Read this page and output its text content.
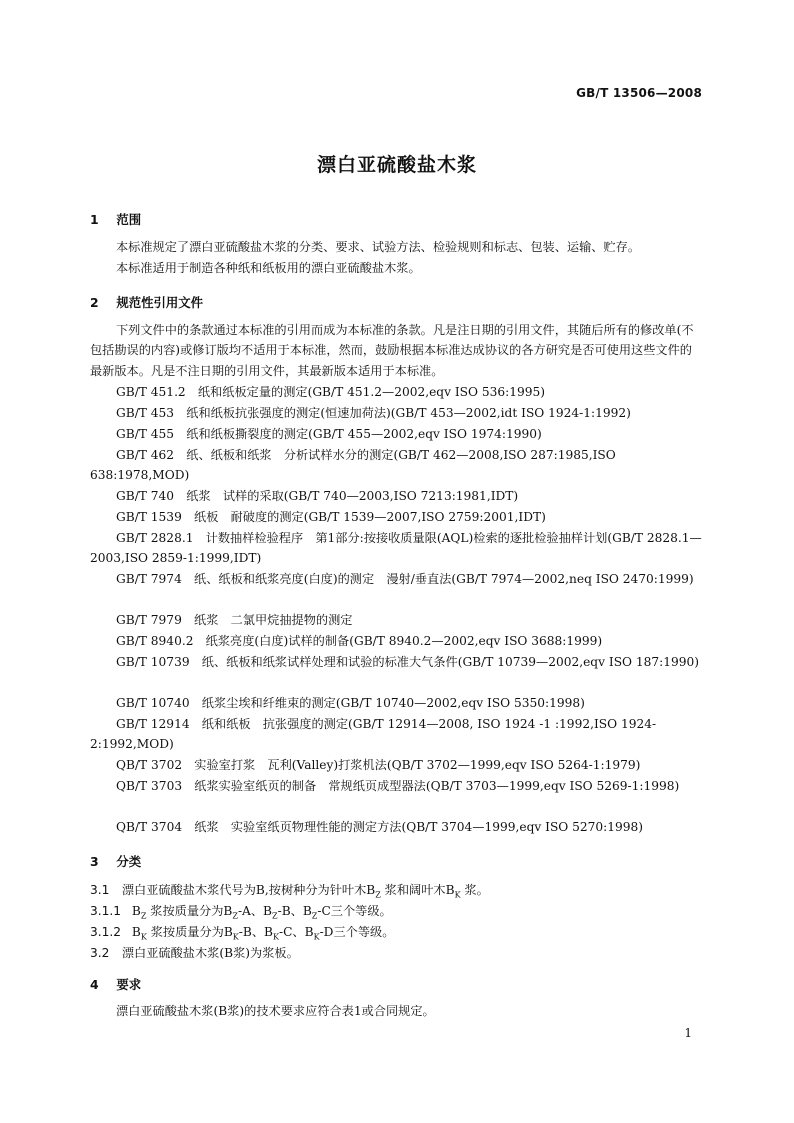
GB/T 13506—2008
漂白亚硫酸盐木浆
1 范围

本标准规定了漂白亚硫酸盐木浆的分类、要求、试验方法、检验规则和标志、包装、运输、贮存。

本标准适用于制造各种纸和纸板用的漂白亚硫酸盐木浆。

2 规范性引用文件

下列文件中的条款通过本标准的引用而成为本标准的条款。凡是注日期的引用文件，其随后所有的修改单(不包括勘误的内容)或修订版均不适用于本标准，然而，鼓励根据本标准达成协议的各方研究是否可使用这些文件的最新版本。凡是不注日期的引用文件，其最新版本适用于本标准。

GB/T 451.2　纸和纸板定量的测定(GB/T 451.2—2002,eqv ISO 536:1995)
GB/T 453　纸和纸板抗张强度的测定(恒速加荷法)(GB/T 453—2002,idt ISO 1924-1:1992)
GB/T 455　纸和纸板撕裂度的测定(GB/T 455—2002,eqv ISO 1974:1990)
GB/T 462　纸、纸板和纸浆　分析试样水分的测定(GB/T 462—2008,ISO 287:1985,ISO 638:1978,MOD)
GB/T 740　纸浆　试样的采取(GB/T 740—2003,ISO 7213:1981,IDT)
GB/T 1539　纸板　耐破度的测定(GB/T 1539—2007,ISO 2759:2001,IDT)
GB/T 2828.1　计数抽样检验程序　第1部分:按接收质量限(AQL)检索的逐批检验抽样计划(GB/T 2828.1—2003,ISO 2859-1:1999,IDT)
GB/T 7974　纸、纸板和纸浆亮度(白度)的测定　漫射/垂直法(GB/T 7974—2002,neq ISO 2470:1999)
GB/T 7979　纸浆　二氯甲烷抽提物的测定
GB/T 8940.2　纸浆亮度(白度)试样的制备(GB/T 8940.2—2002,eqv ISO 3688:1999)
GB/T 10739　纸、纸板和纸浆试样处理和试验的标准大气条件(GB/T 10739—2002,eqv ISO 187:1990)
GB/T 10740　纸浆尘埃和纤维束的测定(GB/T 10740—2002,eqv ISO 5350:1998)
GB/T 12914　纸和纸板　抗张强度的测定(GB/T 12914—2008, ISO 1924 -1 :1992,ISO 1924-2:1992,MOD)
QB/T 3702　实验室打浆　瓦利(Valley)打浆机法(QB/T 3702—1999,eqv ISO 5264-1:1979)
QB/T 3703　纸浆实验室纸页的制备　常规纸页成型器法(QB/T 3703—1999,eqv ISO 5269-1:1998)
QB/T 3704　纸浆　实验室纸页物理性能的测定方法(QB/T 3704—1999,eqv ISO 5270:1998)
3 分类
3.1 漂白亚硫酸盐木浆代号为B,按树种分为针叶木$B_Z$ 浆和阔叶木$B_K$ 浆。
3.1.1 $B_Z$ 浆按质量分为$B_Z-A$、$B_Z-B$、$B_Z-C$三个等级。
3.1.2 $B_K$ 浆按质量分为$B_K-B$、$B_K-C$、$B_K-D$三个等级。
3.2 漂白亚硫酸盐木浆(B浆)为浆板。
4 要求

漂白亚硫酸盐木浆(B浆)的技术要求应符合表1或合同规定。

1
